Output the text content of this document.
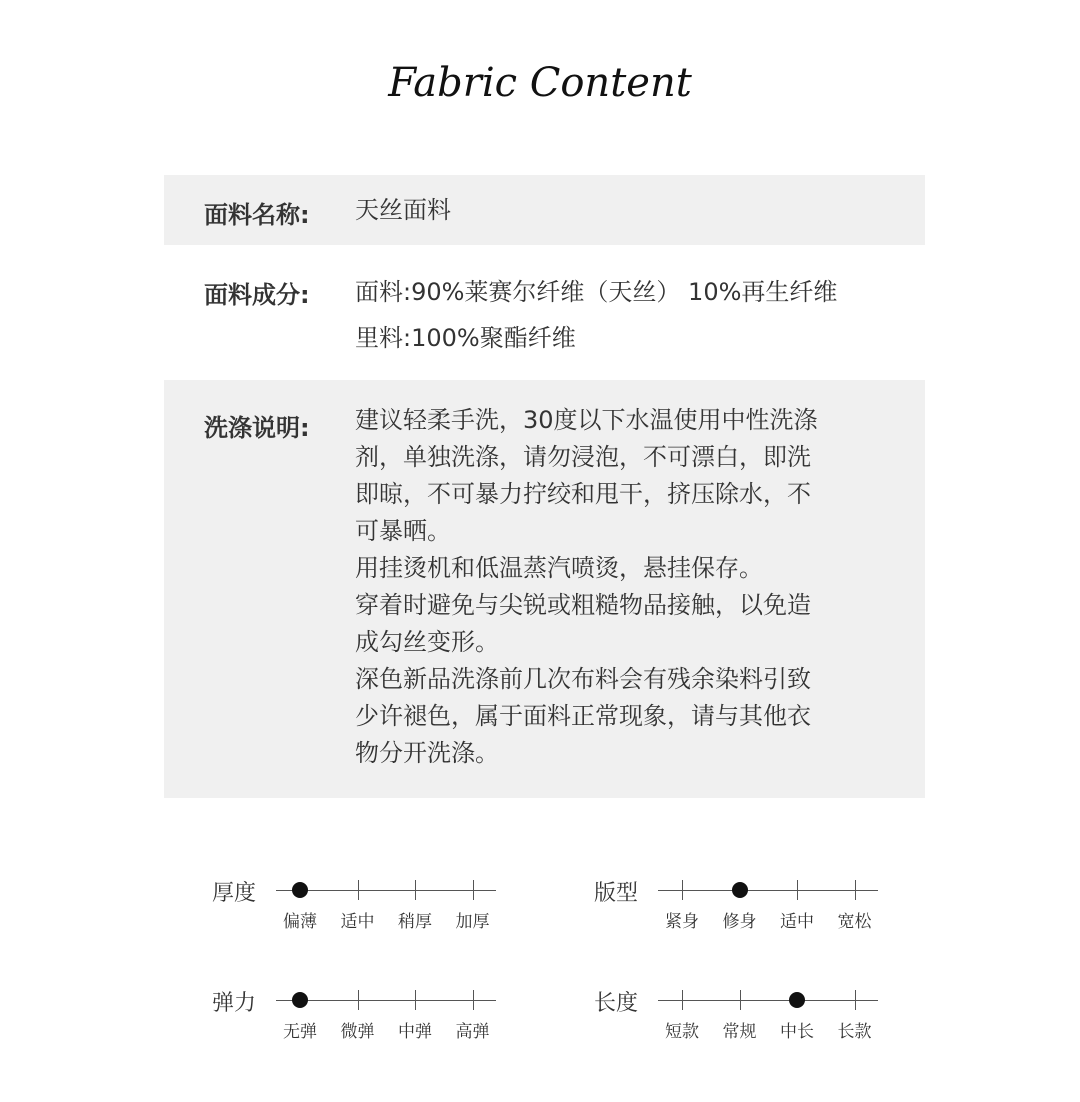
Fabric Content
面料名称: 天丝面料
面料成分: 面料:90%莱赛尔纤维（天丝） 10%再生纤维
里料:100%聚酯纤维
洗涤说明: 建议轻柔手洗，30度以下水温使用中性洗涤
剂，单独洗涤，请勿浸泡，不可漂白，即洗
即晾，不可暴力拧绞和甩干，挤压除水，不
可暴晒。
用挂烫机和低温蒸汽喷烫，悬挂保存。
穿着时避免与尖锐或粗糙物品接触，以免造
成勾丝变形。
深色新品洗涤前几次布料会有残余染料引致
少许褪色，属于面料正常现象，请与其他衣
物分开洗涤。
厚度
偏薄	适中	稍厚	加厚
版型
紧身	修身	适中	宽松
弹力
无弹	微弹	中弹	高弹
长度
短款	常规	中长	长款
